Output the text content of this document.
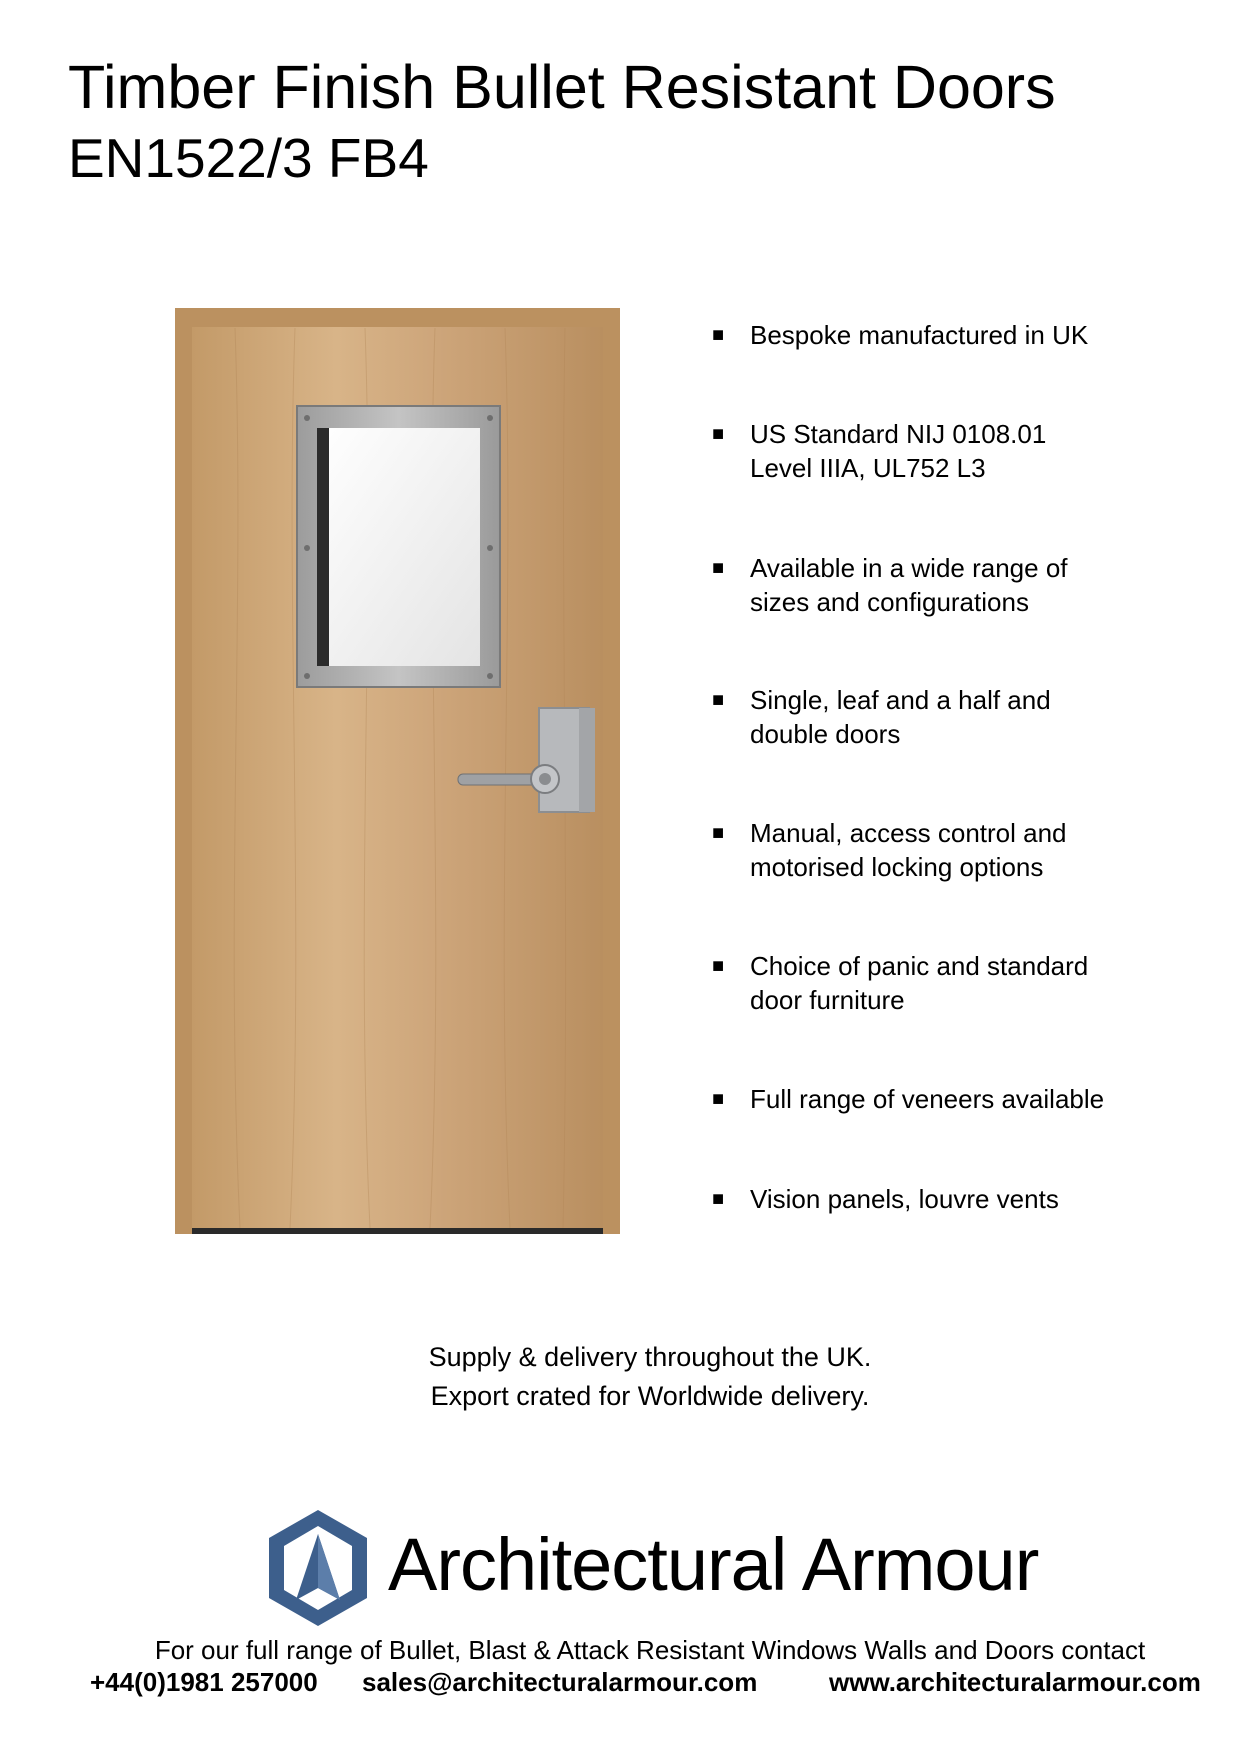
Timber Finish Bullet Resistant Doors
EN1522/3 FB4
■ Bespoke manufactured in UK
■ US Standard NIJ 0108.01
Level IIIA, UL752 L3
■ Available in a wide range of
sizes and configurations
■ Single, leaf and a half and
double doors
■ Manual, access control and
motorised locking options
■ Choice of panic and standard
door furniture
■ Full range of veneers available
■ Vision panels, louvre vents
Supply & delivery throughout the UK.
Export crated for Worldwide delivery.
Architectural Armour
For our full range of Bullet, Blast & Attack Resistant Windows Walls and Doors contact
+44(0)1981 257000 sales@architecturalarmour.com	www.architecturalarmour.com
